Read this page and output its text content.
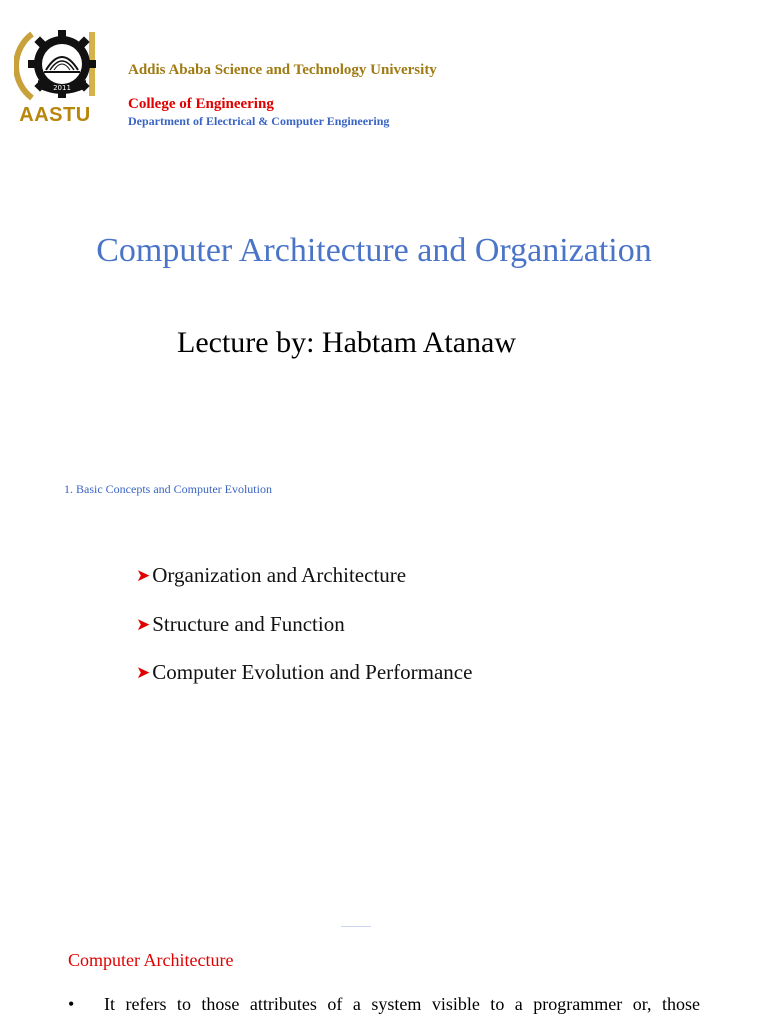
2011
AASTU
Addis Ababa Science and Technology University
College of Engineering
Department of Electrical & Computer Engineering
Computer Architecture and Organization
Lecture by: Habtam Atanaw
1. Basic Concepts and Computer Evolution
➤ Organization and Architecture
➤ Structure and Function
➤ Computer Evolution and Performance
Computer Architecture
•	It refers to those attributes of a system visible to a programmer or, those
